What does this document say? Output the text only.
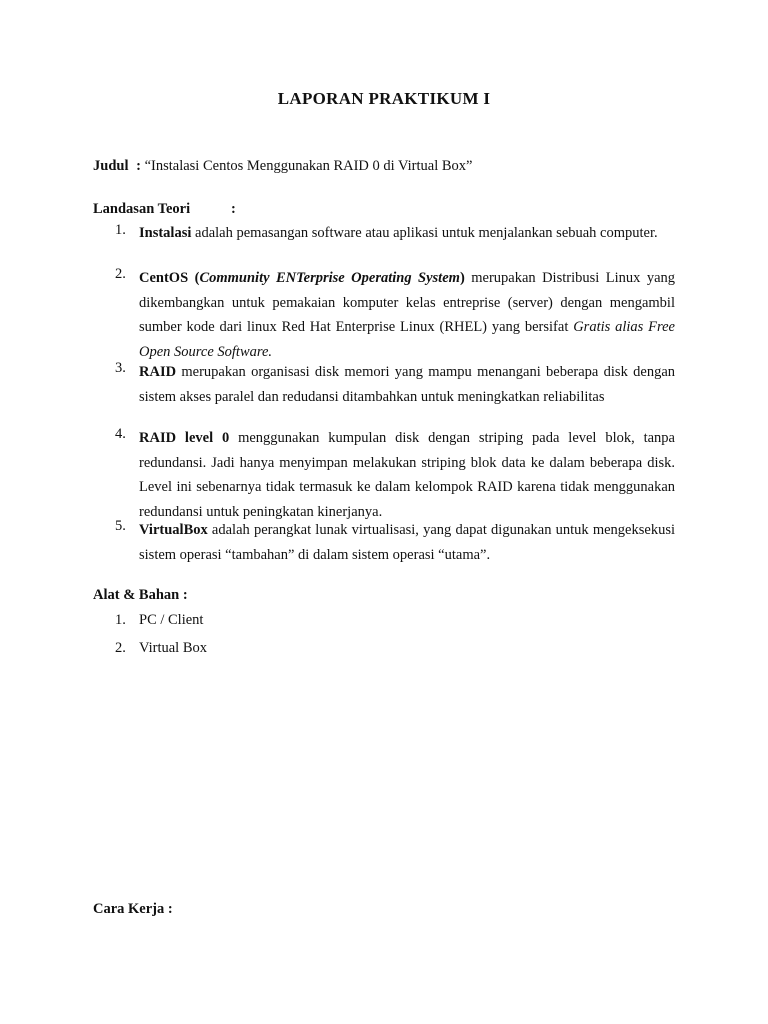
LAPORAN PRAKTIKUM I
Judul : “Instalasi Centos Menggunakan RAID 0 di Virtual Box”
Landasan Teori	:
1. Instalasi adalah pemasangan software atau aplikasi untuk menjalankan sebuah computer.
2. CentOS (Community ENTerprise Operating System) merupakan Distribusi Linux yang dikembangkan untuk pemakaian komputer kelas entreprise (server) dengan mengambil sumber kode dari linux Red Hat Enterprise Linux (RHEL) yang bersifat Gratis alias Free Open Source Software.
3. RAID merupakan organisasi disk memori yang mampu menangani beberapa disk dengan sistem akses paralel dan redudansi ditambahkan untuk meningkatkan reliabilitas
4. RAID level 0 menggunakan kumpulan disk dengan striping pada level blok, tanpa redundansi. Jadi hanya menyimpan melakukan striping blok data ke dalam beberapa disk. Level ini sebenarnya tidak termasuk ke dalam kelompok RAID karena tidak menggunakan redundansi untuk peningkatan kinerjanya.
5. VirtualBox adalah perangkat lunak virtualisasi, yang dapat digunakan untuk mengeksekusi sistem operasi “tambahan” di dalam sistem operasi “utama”.
Alat & Bahan :
1. PC / Client
2. Virtual Box
Cara Kerja :
